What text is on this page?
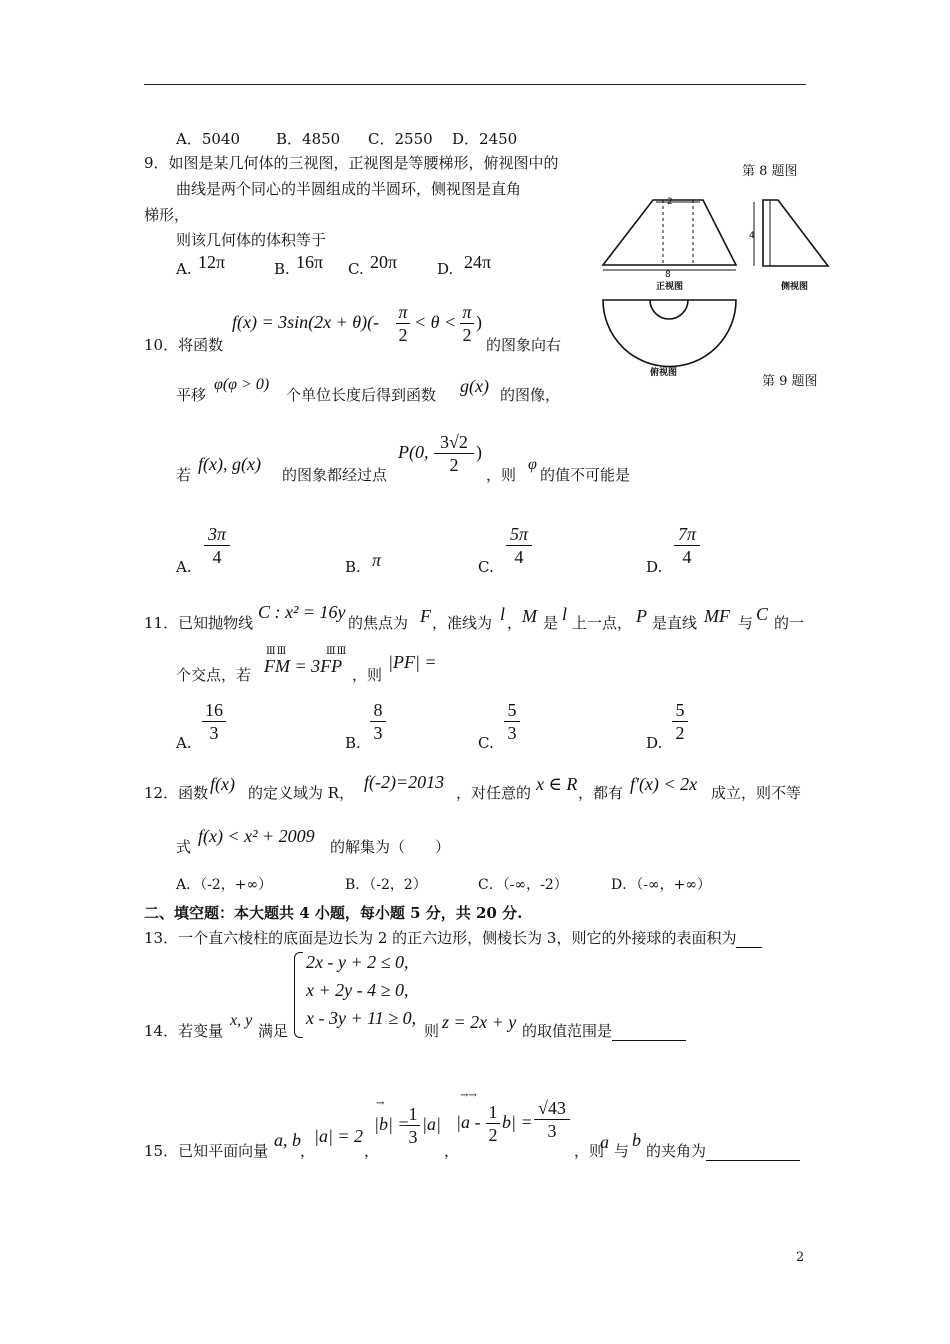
A．5040 B．4850 C．2550 D．2450
9．如图是某几何体的三视图，正视图是等腰梯形，俯视图中的
曲线是两个同心的半圆组成的半圆环，侧视图是直角
梯形，
则该几何体的体积等于
A. 12π	B. 16π C. 20π	D. 24π
第 8 题图
2
8
正视图
4
侧视图
俯视图
第 9 题图
10．将函数
f(x) = 3sin(2x + θ)(- π
2
< θ < π
2
)
的图象向右
平移
φ(φ > 0)
个单位长度后得到函数 g(x) 的图像，
若
f(x), g(x)
的图象都经过点
P(0, 3√2
2
)
，则
φ
的值不可能是
A.
3π
4	B. π	C.
5π
4	D.
7π
4
11．已知抛物线
C : x² = 16y
的焦点为 F ，准线为 l ， M 是 l 上一点， P 是直线 MF 与 C 的一
个交点，若
ⅢⅢ	ⅢⅢ
FM = 3FP ，则
|PF| =
A.
16
3	B.
8
3	C.
5
3	D.
5
2
12．函数 f(x) 的定义域为 R，
f(-2)=2013
，对任意的 x ∈ R ，都有 f′(x) < 2x 成立，则不等
式
f(x) < x² + 2009
的解集为（　　）
A．（-2，+∞）	B．（-2，2）	C．（-∞，-2）	D．（-∞，+∞）
二、填空题：本大题共 4 小题，每小题 5 分，共 20 分.
13．一个直六棱柱的底面是边长为 2 的正六边形，侧棱长为 3，则它的外接球的表面积为
2x - y + 2 ≤ 0,
x + 2y - 4 ≥ 0,
x - 3y + 11 ≥ 0,
14．若变量
x, y
满足	则 z = 2x + y 的取值范围是
15．已知平面向量
a, b
，
|a| = 2
，
→
|b| =
1
3
|a|
，
→→
|a - 1
2
b| =
√43
3
，则
a 与
b
的夹角为
2
